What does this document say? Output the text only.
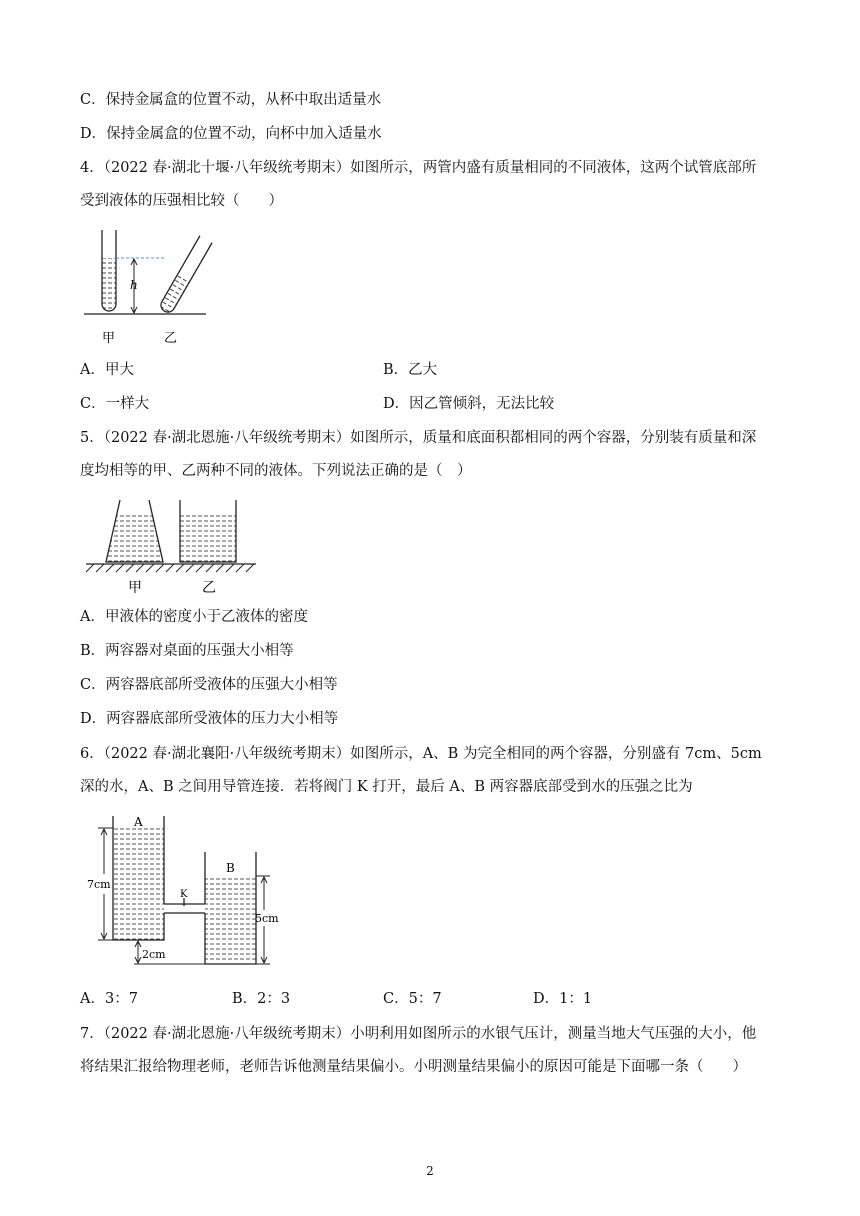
C．保持金属盒的位置不动，从杯中取出适量水
D．保持金属盒的位置不动，向杯中加入适量水
4．（2022 春·湖北十堰·八年级统考期末）如图所示，两管内盛有质量相同的不同液体，这两个试管底部所
受到液体的压强相比较（　　）
h
甲	乙
A．甲大	B．乙大
C．一样大	D．因乙管倾斜，无法比较
5．（2022 春·湖北恩施·八年级统考期末）如图所示，质量和底面积都相同的两个容器，分别装有质量和深
度均相等的甲、乙两种不同的液体。下列说法正确的是（　）
甲	乙
A．甲液体的密度小于乙液体的密度
B．两容器对桌面的压强大小相等
C．两容器底部所受液体的压强大小相等
D．两容器底部所受液体的压力大小相等
6．（2022 春·湖北襄阳·八年级统考期末）如图所示，A、B 为完全相同的两个容器，分别盛有 7cm、5cm
深的水，A、B 之间用导管连接．若将阀门 K 打开，最后 A、B 两容器底部受到水的压强之比为
K
A
B
7cm
5cm
2cm
A．3：7	B．2：3	C．5：7	D．1：1
7．（2022 春·湖北恩施·八年级统考期末）小明利用如图所示的水银气压计，测量当地大气压强的大小，他
将结果汇报给物理老师，老师告诉他测量结果偏小。小明测量结果偏小的原因可能是下面哪一条（　　）
2
